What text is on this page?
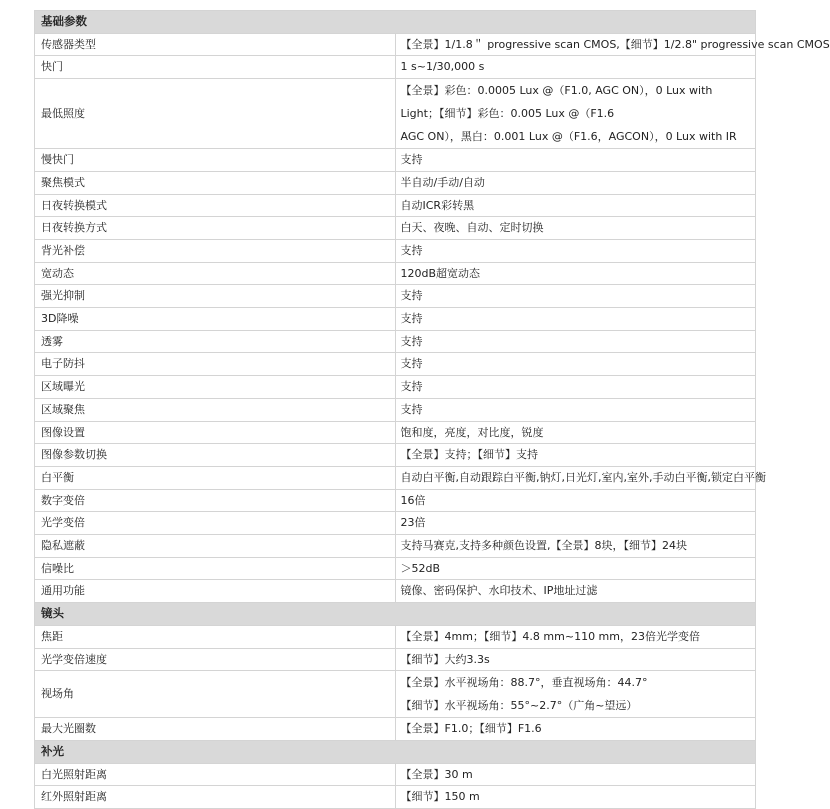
基础参数	
传感器类型	【全景】1/1.8＂ progressive scan CMOS,【细节】1/2.8" progressive scan CMOS

快门	1 s~1/30,000 s

最低照度	【全景】彩色：0.0005 Lux @（F1.0, AGC ON），0 Lux with Light；【细节】彩色：0.005 Lux @（F1.6
AGC ON），黑白：0.001 Lux @（F1.6，AGCON），0 Lux with IR

慢快门	支持

聚焦模式	半自动/手动/自动

日夜转换模式	自动ICR彩转黑

日夜转换方式	白天、夜晚、自动、定时切换

背光补偿	支持

宽动态	120dB超宽动态

强光抑制	支持

3D降噪	支持

透雾	支持

电子防抖	支持

区域曝光	支持

区域聚焦	支持

图像设置	饱和度，亮度，对比度，锐度

图像参数切换	【全景】支持；【细节】支持

白平衡	自动白平衡,自动跟踪白平衡,钠灯,日光灯,室内,室外,手动白平衡,锁定白平衡

数字变倍	16倍

光学变倍	23倍

隐私遮蔽	支持马赛克,支持多种颜色设置,【全景】8块，【细节】24块

信噪比	＞52dB

通用功能	镜像、密码保护、水印技术、IP地址过滤

镜头	
焦距	【全景】4mm；【细节】4.8 mm~110 mm，23倍光学变倍

光学变倍速度	【细节】大约3.3s

视场角	【全景】水平视场角：88.7°，垂直视场角：44.7°
【细节】水平视场角：55°~2.7°（广角~望远）

最大光圈数	【全景】F1.0；【细节】F1.6

补光	
白光照射距离	【全景】30 m

红外照射距离	【细节】150 m
